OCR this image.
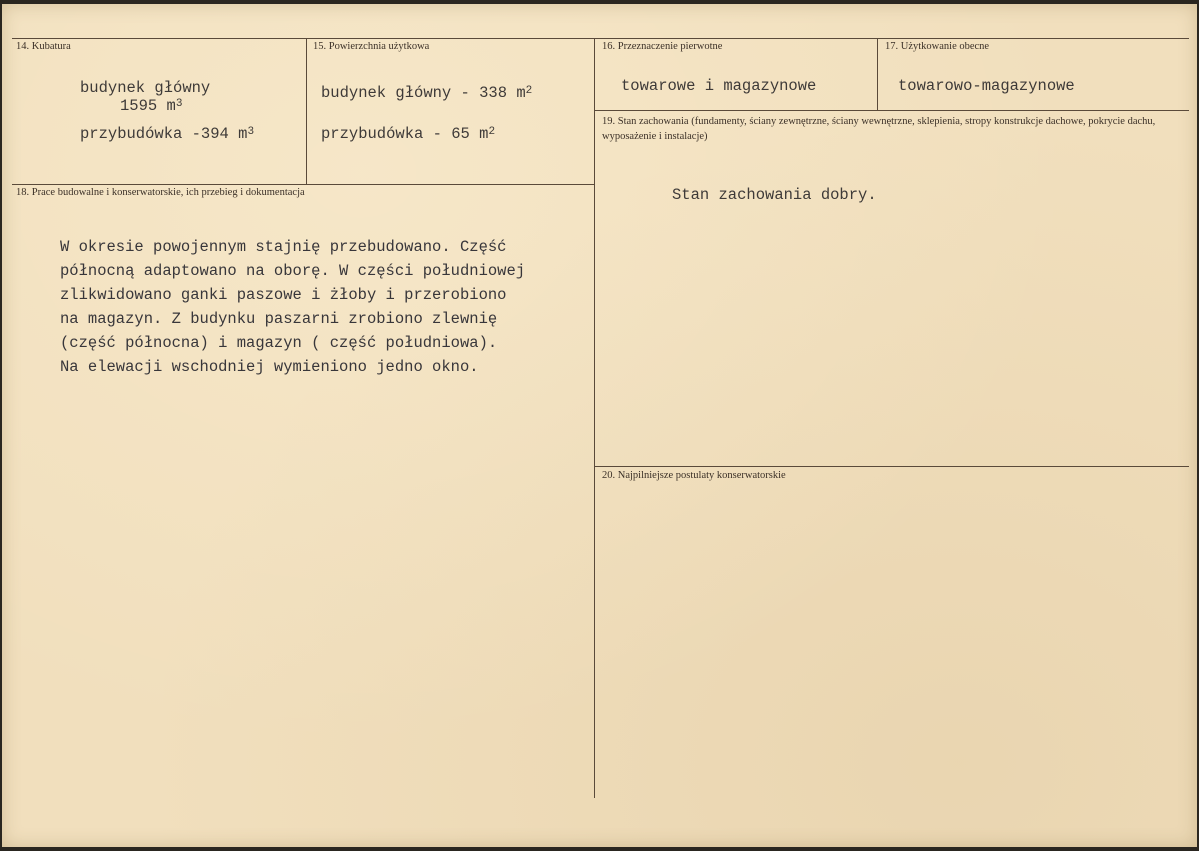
14. Kubatura	15. Powierzchnia użytkowa	16. Przeznaczenie pierwotne	17. Użytkowanie obecne
18. Prace budowalne i konserwatorskie, ich przebieg i dokumentacja
19. Stan zachowania (fundamenty, ściany zewnętrzne, ściany wewnętrzne, sklepienia, stropy konstrukcje dachowe, pokrycie dachu, wyposażenie i instalacje)
20. Najpilniejsze postulaty konserwatorskie
budynek główny
1595 $m^3$
przybudówka -394 $m^3$
budynek główny - 338 $m^2$
przybudówka - 65 $m^2$
towarowe i magazynowe	towarowo-magazynowe
Stan zachowania dobry.
W okresie powojennym stajnię przebudowano. Część
północną adaptowano na oborę. W części południowej
zlikwidowano ganki paszowe i żłoby i przerobiono
na magazyn. Z budynku paszarni zrobiono zlewnię
(część północna) i magazyn ( część południowa).
Na elewacji wschodniej wymieniono jedno okno.
